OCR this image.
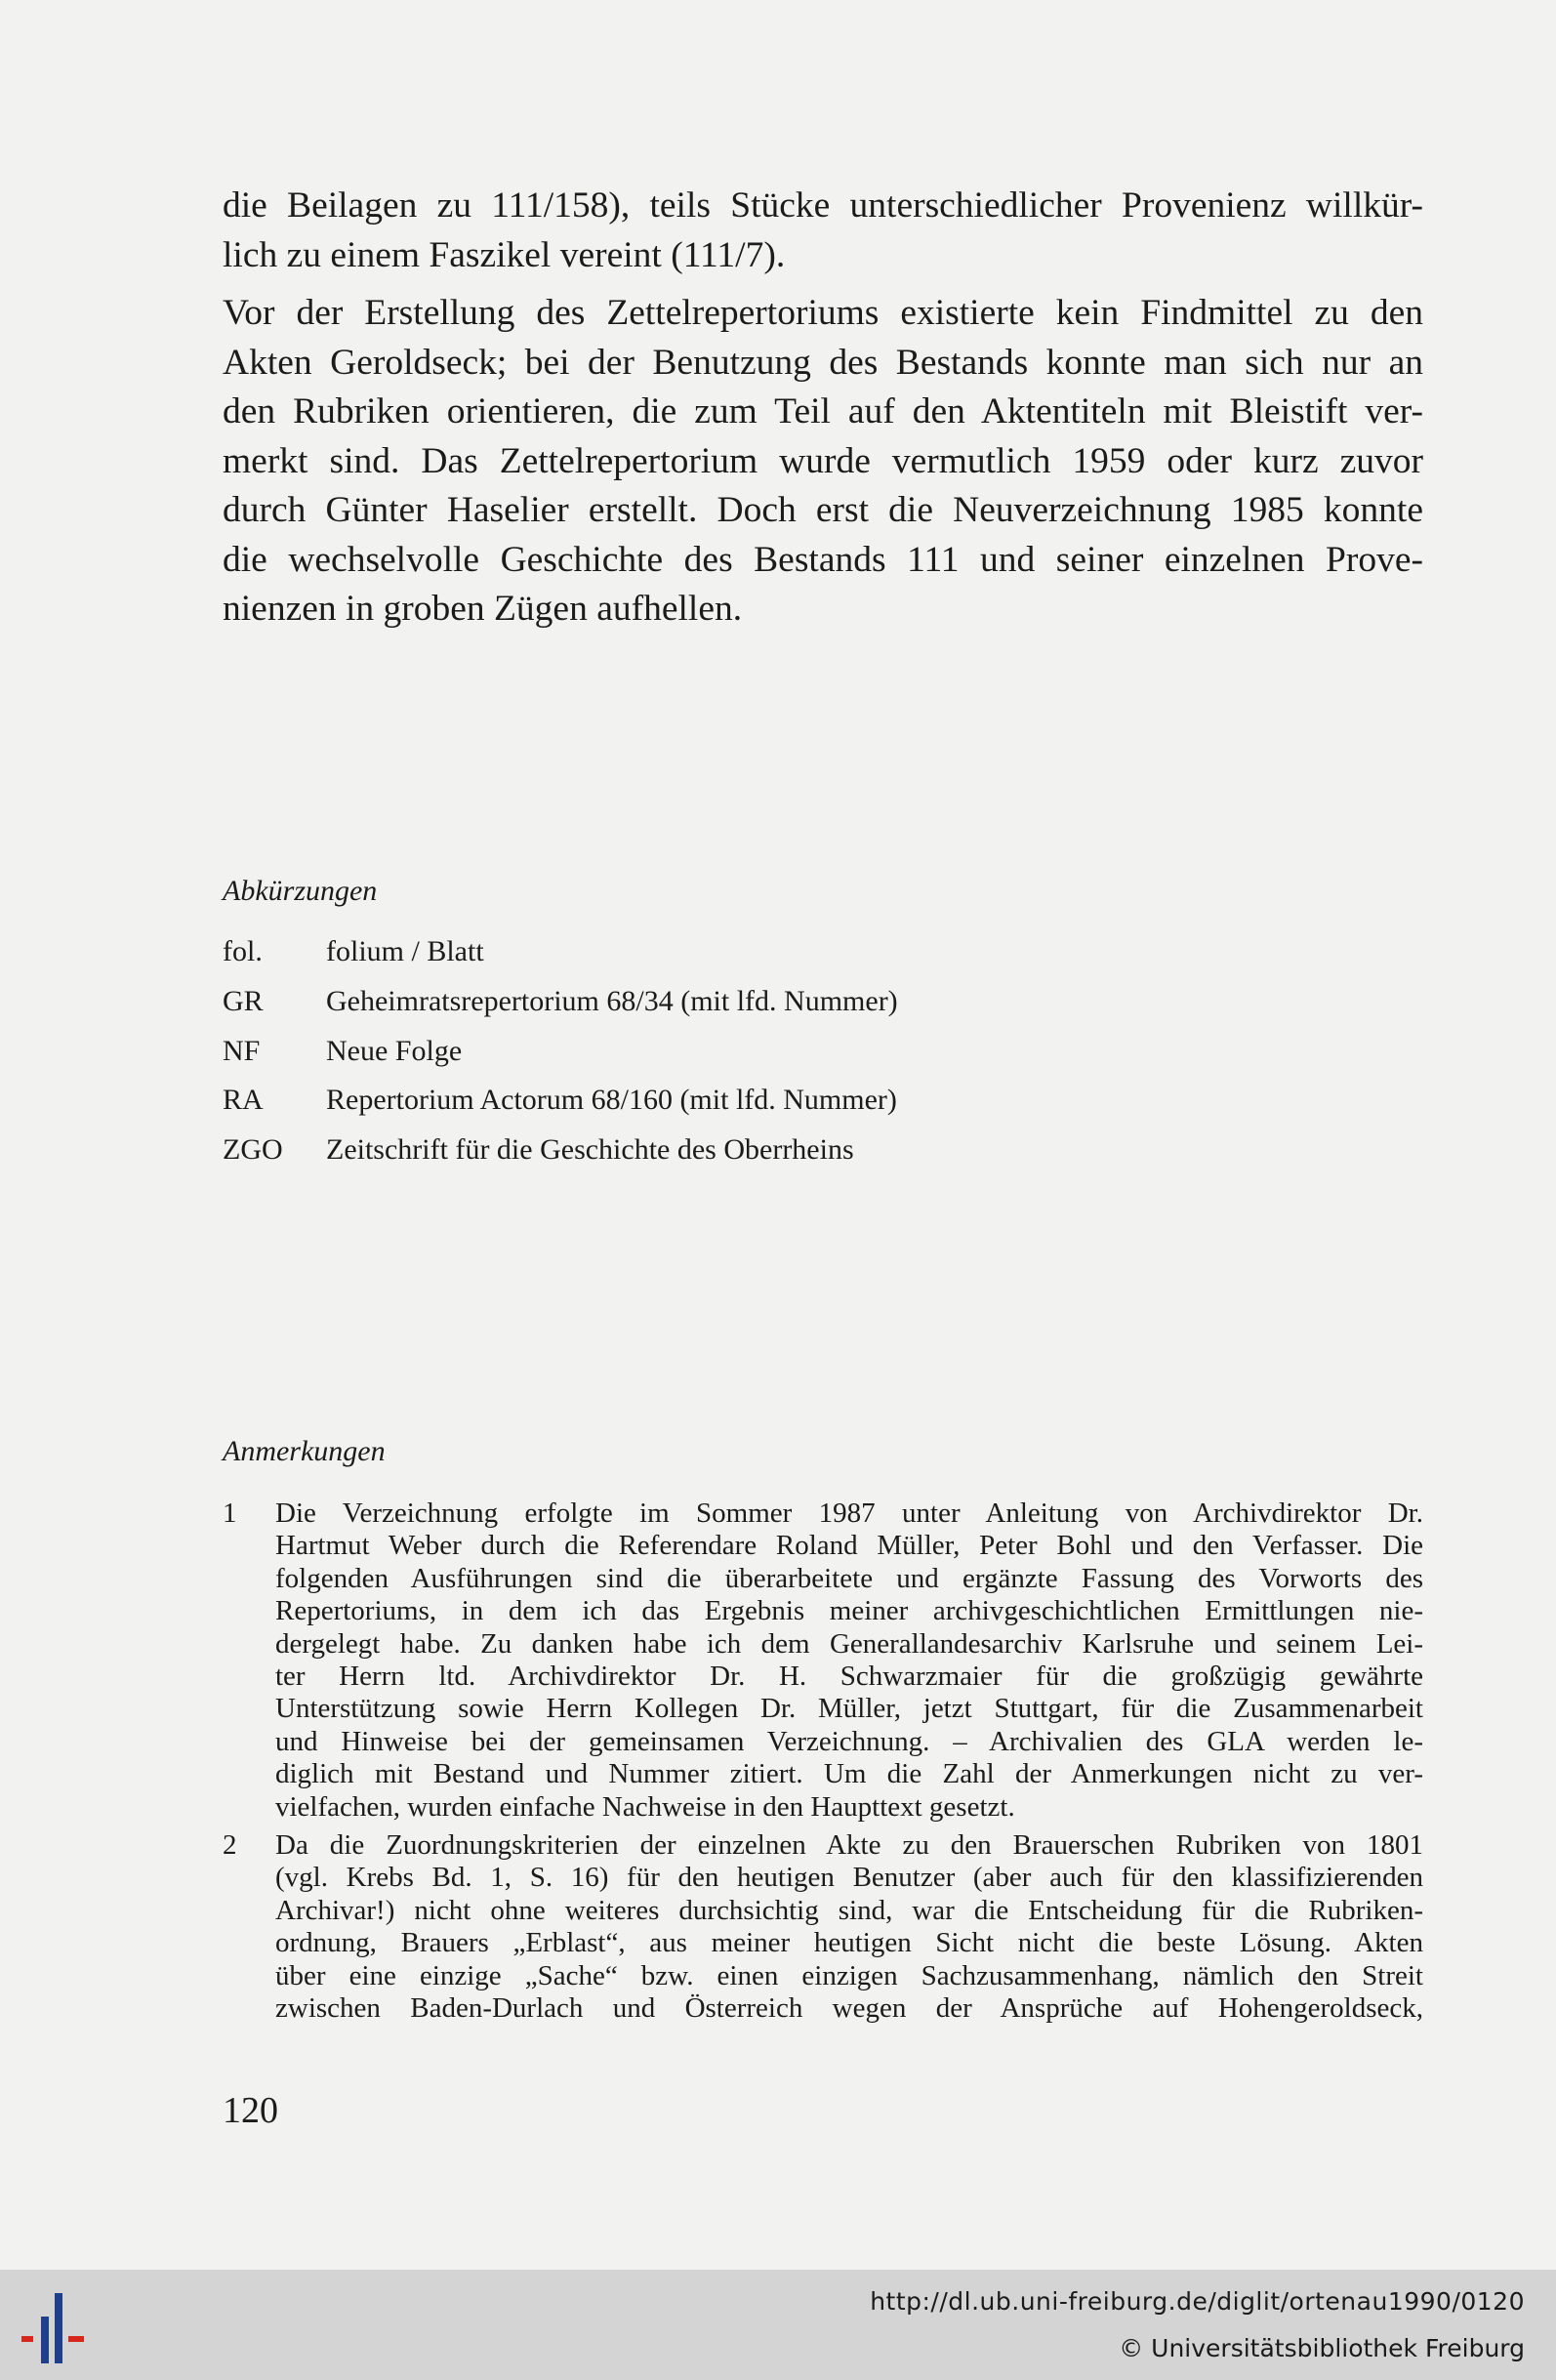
die Beilagen zu 111/158), teils Stücke unterschiedlicher Provenienz willkür-
lich zu einem Faszikel vereint (111/7).
Vor der Erstellung des Zettelrepertoriums existierte kein Findmittel zu den
Akten Geroldseck; bei der Benutzung des Bestands konnte man sich nur an
den Rubriken orientieren, die zum Teil auf den Aktentiteln mit Bleistift ver-
merkt sind. Das Zettelrepertorium wurde vermutlich 1959 oder kurz zuvor
durch Günter Haselier erstellt. Doch erst die Neuverzeichnung 1985 konnte
die wechselvolle Geschichte des Bestands 111 und seiner einzelnen Prove-
nienzen in groben Zügen aufhellen.
Abkürzungen
fol. folium / Blatt
GR Geheimratsrepertorium 68/34 (mit lfd. Nummer)
NF Neue Folge
RA Repertorium Actorum 68/160 (mit lfd. Nummer)
ZGO Zeitschrift für die Geschichte des Oberrheins
Anmerkungen
1 Die Verzeichnung erfolgte im Sommer 1987 unter Anleitung von Archivdirektor Dr.
Hartmut Weber durch die Referendare Roland Müller, Peter Bohl und den Verfasser. Die
folgenden Ausführungen sind die überarbeitete und ergänzte Fassung des Vorworts des
Repertoriums, in dem ich das Ergebnis meiner archivgeschichtlichen Ermittlungen nie-
dergelegt habe. Zu danken habe ich dem Generallandesarchiv Karlsruhe und seinem Lei-
ter Herrn ltd. Archivdirektor Dr. H. Schwarzmaier für die großzügig gewährte
Unterstützung sowie Herrn Kollegen Dr. Müller, jetzt Stuttgart, für die Zusammenarbeit
und Hinweise bei der gemeinsamen Verzeichnung. – Archivalien des GLA werden le-
diglich mit Bestand und Nummer zitiert. Um die Zahl der Anmerkungen nicht zu ver-
vielfachen, wurden einfache Nachweise in den Haupttext gesetzt.
2 Da die Zuordnungskriterien der einzelnen Akte zu den Brauerschen Rubriken von 1801
(vgl. Krebs Bd. 1, S. 16) für den heutigen Benutzer (aber auch für den klassifizierenden
Archivar!) nicht ohne weiteres durchsichtig sind, war die Entscheidung für die Rubriken-
ordnung, Brauers „Erblast“, aus meiner heutigen Sicht nicht die beste Lösung. Akten
über eine einzige „Sache“ bzw. einen einzigen Sachzusammenhang, nämlich den Streit
zwischen Baden-Durlach und Österreich wegen der Ansprüche auf Hohengeroldseck,
120
http://dl.ub.uni-freiburg.de/diglit/ortenau1990/0120
© Universitätsbibliothek Freiburg
